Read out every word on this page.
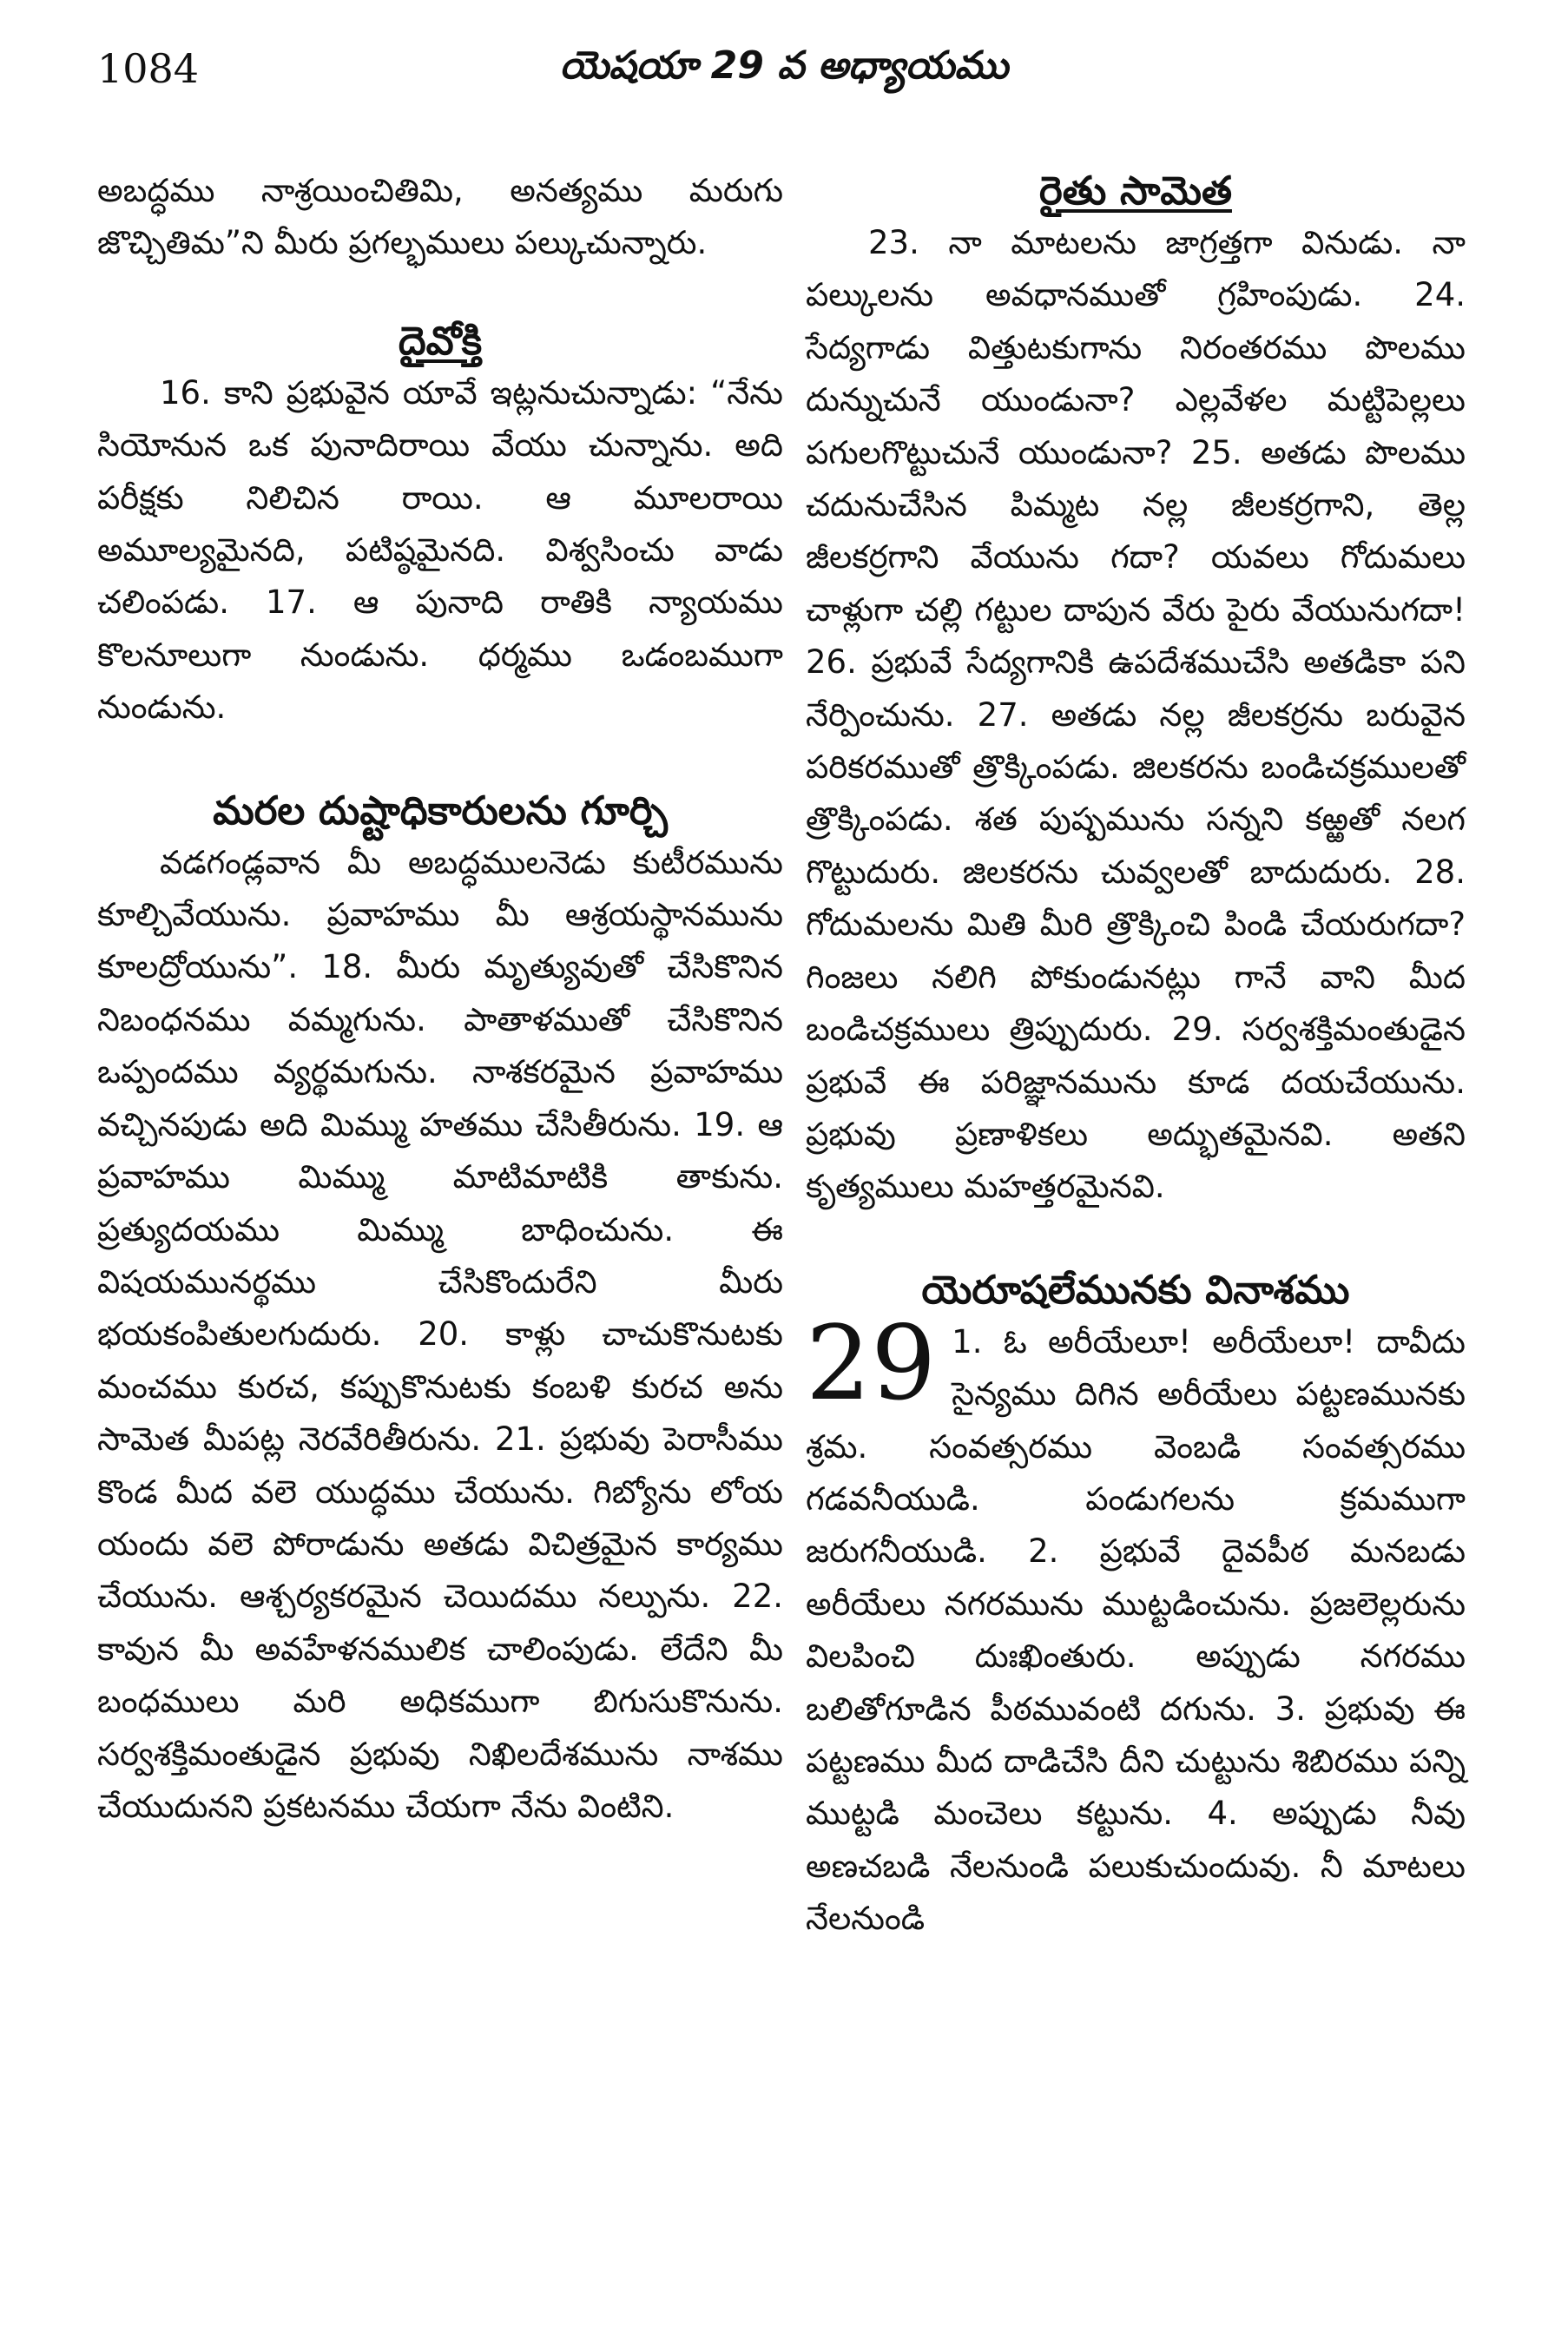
1084	యెషయా 29 వ అధ్యాయము

అబద్ధము నాశ్రయించితిమి, అనత్యము మరుగు జొచ్చితిమ”ని మీరు ప్రగల్భములు పల్కుచున్నారు.

దైవోక్తి

16. కాని ప్రభువైన యావే ఇట్లనుచున్నాడు: “నేను సియోనున ఒక పునాదిరాయి వేయు చున్నాను. అది పరీక్షకు నిలిచిన రాయి. ఆ మూలరాయి అమూల్యమైనది, పటిష్ఠమైనది. విశ్వసించు వాడు చలింపడు. 17. ఆ పునాది రాతికి న్యాయము కొలనూలుగా నుండును. ధర్మము ఒడంబముగా నుండును.

మరల దుష్టాధికారులను గూర్చి

వడగండ్లవాన మీ అబద్ధములనెడు కుటీరమును కూల్చివేయును. ప్రవాహము మీ ఆశ్రయస్థానమును కూలద్రోయును”. 18. మీరు మృత్యువుతో చేసికొనిన నిబంధనము వమ్మగును. పాతాళముతో చేసికొనిన ఒప్పందము వ్యర్థమగును. నాశకరమైన ప్రవాహము వచ్చినపుడు అది మిమ్ము హతము చేసితీరును. 19. ఆ ప్రవాహము మిమ్ము మాటిమాటికి తాకును. ప్రత్యుదయము మిమ్ము బాధించును. ఈ విషయమునర్థము చేసికొందురేని మీరు భయకంపితులగుదురు. 20. కాళ్లు చాచుకొనుటకు మంచము కురచ, కప్పుకొనుటకు కంబళి కురచ అను సామెత మీపట్ల నెరవేరితీరును. 21. ప్రభువు పెరాసీము కొండ మీద వలె యుద్ధము చేయును. గిబ్యోను లోయ యందు వలె పోరాడును అతడు విచిత్రమైన కార్యము చేయును. ఆశ్చర్యకరమైన చెయిదము నల్పును. 22. కావున మీ అవహేళనములిక చాలింపుడు. లేదేని మీ బంధములు మరి అధికముగా బిగుసుకొనును. సర్వశక్తిమంతుడైన ప్రభువు నిఖిలదేశమును నాశము చేయుదునని ప్రకటనము చేయగా నేను వింటిని.

రైతు సామెత

23. నా మాటలను జాగ్రత్తగా వినుడు. నా పల్కులను అవధానముతో గ్రహింపుడు. 24. సేద్యగాడు విత్తుటకుగాను నిరంతరము పొలము దున్నుచునే యుండునా? ఎల్లవేళల మట్టిపెల్లలు పగులగొట్టుచునే యుండునా? 25. అతడు పొలము చదునుచేసిన పిమ్మట నల్ల జీలకర్రగాని, తెల్ల జీలకర్రగాని వేయును గదా? యవలు గోదుమలు చాళ్లుగా చల్లి గట్టుల దాపున వేరు పైరు వేయునుగదా! 26. ప్రభువే సేద్యగానికి ఉపదేశముచేసి అతడికా పని నేర్పించును. 27. అతడు నల్ల జీలకర్రను బరువైన పరికరముతో త్రొక్కింపడు. జిలకరను బండిచక్రములతో త్రొక్కింపడు. శత పుష్పమును సన్నని కఱ్ఱతో నలగ గొట్టుదురు. జిలకరను చువ్వలతో బాదుదురు. 28. గోదుమలను మితి మీరి త్రొక్కించి పిండి చేయరుగదా? గింజలు నలిగి పోకుండునట్లు గానే వాని మీద బండిచక్రములు త్రిప్పుదురు. 29. సర్వశక్తిమంతుడైన ప్రభువే ఈ పరిజ్ఞానమును కూడ దయచేయును. ప్రభువు ప్రణాళికలు అద్భుతమైనవి. అతని కృత్యములు మహత్తరమైనవి.

యెరూషలేమునకు వినాశము

29 1. ఓ అరీయేలూ! అరీయేలూ! దావీదు సైన్యము దిగిన అరీయేలు పట్టణమునకు శ్రమ. సంవత్సరము వెంబడి సంవత్సరము గడవనీయుడి. పండుగలను క్రమముగా జరుగనీయుడి. 2. ప్రభువే దైవపీఠ మనబడు అరీయేలు నగరమును ముట్టడించును. ప్రజలెల్లరును విలపించి దుఃఖింతురు. అప్పుడు నగరము బలితోగూడిన పీఠమువంటి దగును. 3. ప్రభువు ఈ పట్టణము మీద దాడిచేసి దీని చుట్టును శిబిరము పన్ని ముట్టడి మంచెలు కట్టును. 4. అప్పుడు నీవు అణచబడి నేలనుండి పలుకుచుందువు. నీ మాటలు నేలనుండి
